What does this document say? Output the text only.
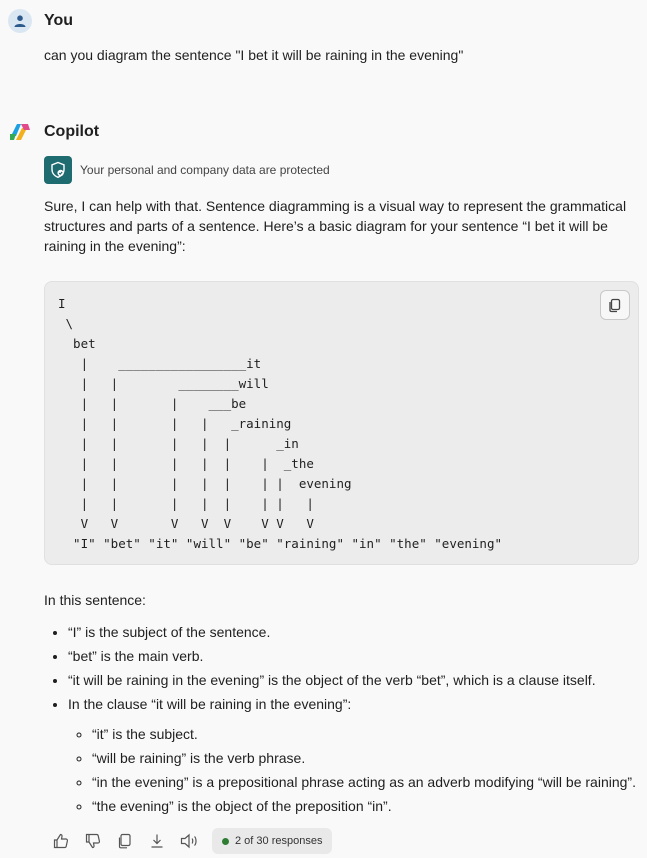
You
can you diagram the sentence "I bet it will be raining in the evening"
Copilot
Your personal and company data are protected
Sure, I can help with that. Sentence diagramming is a visual way to represent the grammatical structures and parts of a sentence. Here’s a basic diagram for your sentence “I bet it will be raining in the evening”:
I
\
bet
|    _________________it
|   |        ________will
|   |       |    ___be
|   |       |   |   _raining
|   |       |   |  |      _in
|   |       |   |  |    |  _the
|   |       |   |  |    | |  evening
|   |       |   |  |    | |   |
V   V       V   V  V    V V   V
"I" "bet" "it" "will" "be" "raining" "in" "the" "evening"
In this sentence:
• “I” is the subject of the sentence.
• “bet” is the main verb.
• “it will be raining in the evening” is the object of the verb “bet”, which is a clause itself.
• In the clause “it will be raining in the evening”:
◦ “it” is the subject.
◦ “will be raining” is the verb phrase.
◦ “in the evening” is a prepositional phrase acting as an adverb modifying “will be raining”.
◦ “the evening” is the object of the preposition “in”.
2 of 30 responses
